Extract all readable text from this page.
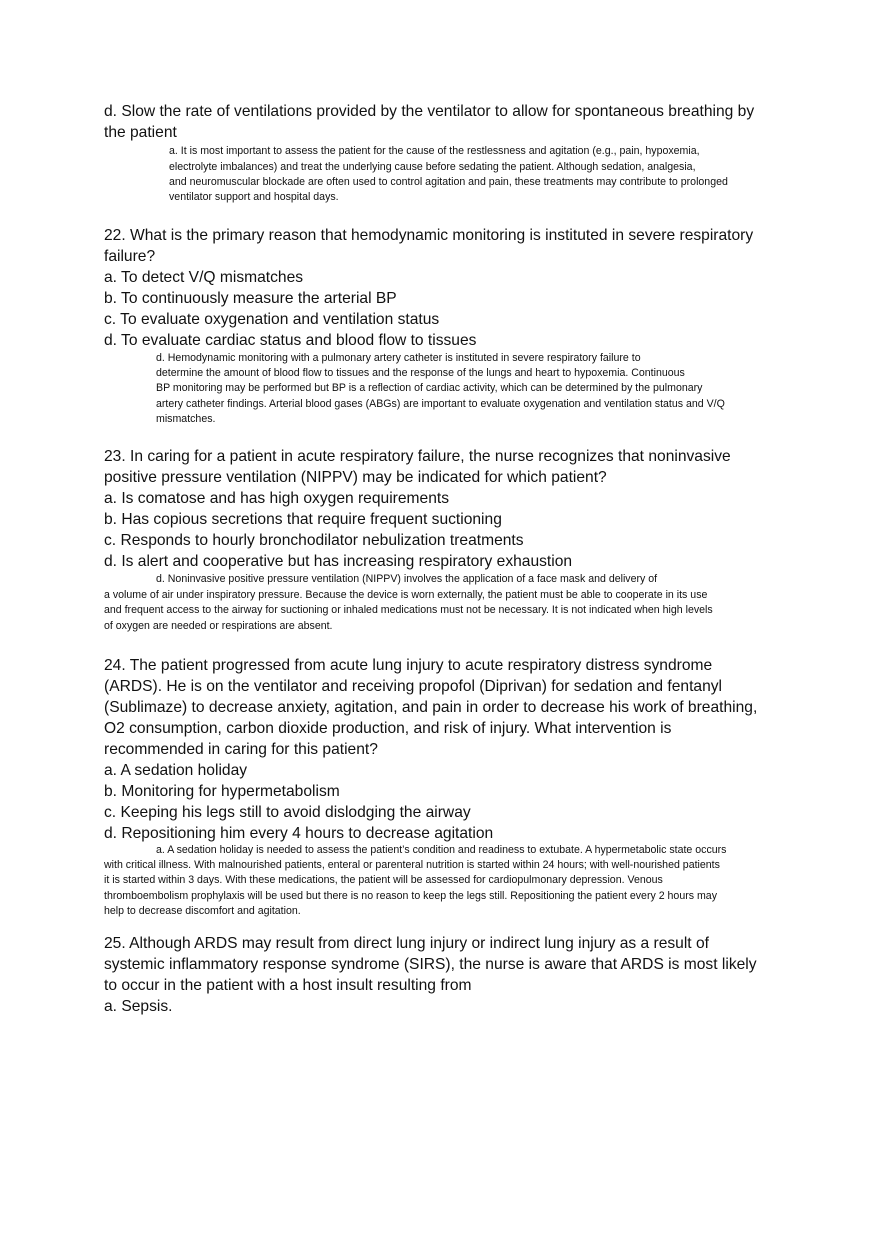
d. Slow the rate of ventilations provided by the ventilator to allow for spontaneous breathing by
the patient
a. It is most important to assess the patient for the cause of the restlessness and agitation (e.g., pain, hypoxemia,
electrolyte imbalances) and treat the underlying cause before sedating the patient. Although sedation, analgesia,
and neuromuscular blockade are often used to control agitation and pain, these treatments may contribute to prolonged
ventilator support and hospital days.
22. What is the primary reason that hemodynamic monitoring is instituted in severe respiratory
failure?
a. To detect V/Q mismatches
b. To continuously measure the arterial BP
c. To evaluate oxygenation and ventilation status
d. To evaluate cardiac status and blood flow to tissues
d. Hemodynamic monitoring with a pulmonary artery catheter is instituted in severe respiratory failure to
determine the amount of blood flow to tissues and the response of the lungs and heart to hypoxemia. Continuous
BP monitoring may be performed but BP is a reflection of cardiac activity, which can be determined by the pulmonary
artery catheter findings. Arterial blood gases (ABGs) are important to evaluate oxygenation and ventilation status and V/Q
mismatches.
23. In caring for a patient in acute respiratory failure, the nurse recognizes that noninvasive
positive pressure ventilation (NIPPV) may be indicated for which patient?
a. Is comatose and has high oxygen requirements
b. Has copious secretions that require frequent suctioning
c. Responds to hourly bronchodilator nebulization treatments
d. Is alert and cooperative but has increasing respiratory exhaustion
d. Noninvasive positive pressure ventilation (NIPPV) involves the application of a face mask and delivery of
a volume of air under inspiratory pressure. Because the device is worn externally, the patient must be able to cooperate in its use
and frequent access to the airway for suctioning or inhaled medications must not be necessary. It is not indicated when high levels
of oxygen are needed or respirations are absent.
24. The patient progressed from acute lung injury to acute respiratory distress syndrome
(ARDS). He is on the ventilator and receiving propofol (Diprivan) for sedation and fentanyl
(Sublimaze) to decrease anxiety, agitation, and pain in order to decrease his work of breathing,
O2 consumption, carbon dioxide production, and risk of injury. What intervention is
recommended in caring for this patient?
a. A sedation holiday
b. Monitoring for hypermetabolism
c. Keeping his legs still to avoid dislodging the airway
d. Repositioning him every 4 hours to decrease agitation
a. A sedation holiday is needed to assess the patient’s condition and readiness to extubate. A hypermetabolic state occurs
with critical illness. With malnourished patients, enteral or parenteral nutrition is started within 24 hours; with well-nourished patients
it is started within 3 days. With these medications, the patient will be assessed for cardiopulmonary depression. Venous
thromboembolism prophylaxis will be used but there is no reason to keep the legs still. Repositioning the patient every 2 hours may
help to decrease discomfort and agitation.
25. Although ARDS may result from direct lung injury or indirect lung injury as a result of
systemic inflammatory response syndrome (SIRS), the nurse is aware that ARDS is most likely
to occur in the patient with a host insult resulting from
a. Sepsis.
